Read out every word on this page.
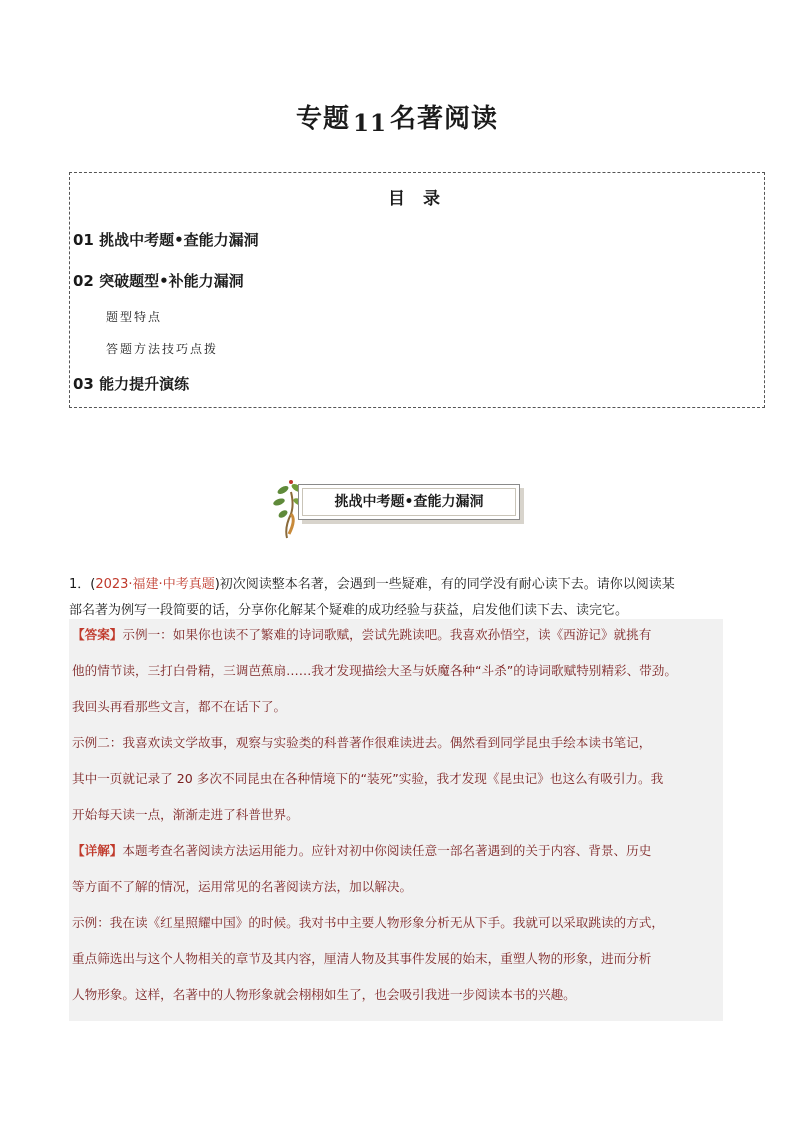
专题 11 名著阅读
目 录
01 挑战中考题•查能力漏洞
02 突破题型•补能力漏洞
题型特点
答题方法技巧点拨
03 能力提升演练
挑战中考题•查能力漏洞
1．(2023·福建·中考真题)初次阅读整本名著，会遇到一些疑难，有的同学没有耐心读下去。请你以阅读某
部名著为例写一段简要的话，分享你化解某个疑难的成功经验与获益，启发他们读下去、读完它。
【答案】示例一：如果你也读不了繁难的诗词歌赋，尝试先跳读吧。我喜欢孙悟空，读《西游记》就挑有
他的情节读，三打白骨精，三调芭蕉扇……我才发现描绘大圣与妖魔各种“斗杀”的诗词歌赋特别精彩、带劲。
我回头再看那些文言，都不在话下了。
示例二：我喜欢读文学故事，观察与实验类的科普著作很难读进去。偶然看到同学昆虫手绘本读书笔记，
其中一页就记录了 20 多次不同昆虫在各种情境下的“装死”实验，我才发现《昆虫记》也这么有吸引力。我
开始每天读一点，渐渐走进了科普世界。
【详解】本题考查名著阅读方法运用能力。应针对初中你阅读任意一部名著遇到的关于内容、背景、历史
等方面不了解的情况，运用常见的名著阅读方法，加以解决。
示例：我在读《红星照耀中国》的时候。我对书中主要人物形象分析无从下手。我就可以采取跳读的方式，
重点筛选出与这个人物相关的章节及其内容，厘清人物及其事件发展的始末，重塑人物的形象，进而分析
人物形象。这样，名著中的人物形象就会栩栩如生了，也会吸引我进一步阅读本书的兴趣。
